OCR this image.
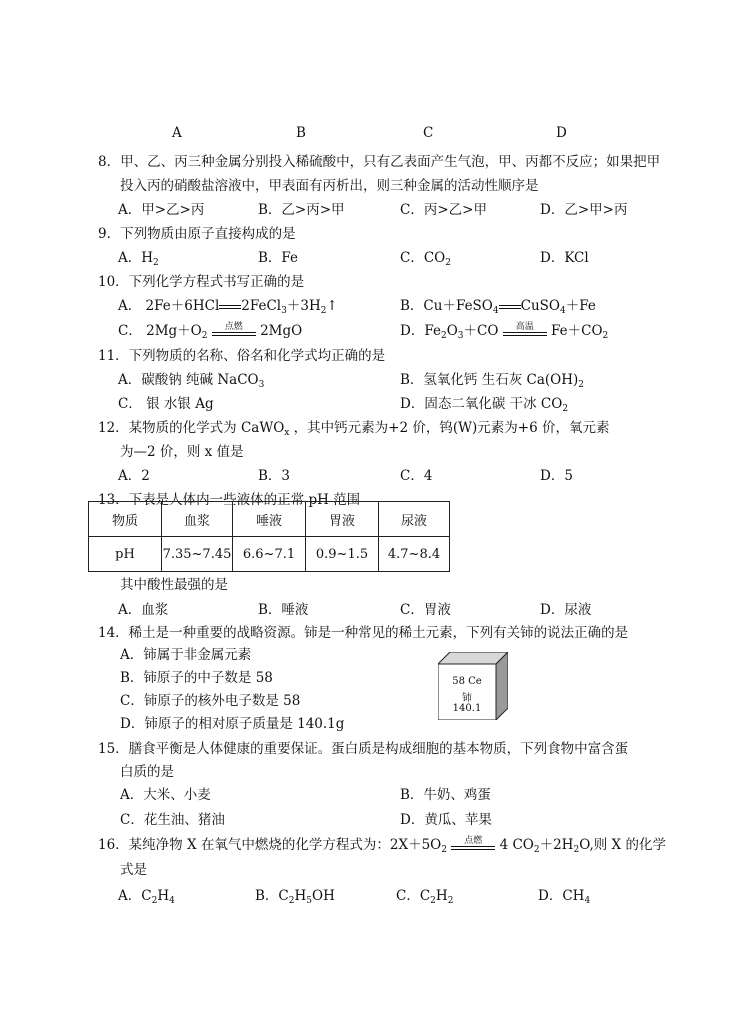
A	B	C	D
8．甲、乙、丙三种金属分别投入稀硫酸中，只有乙表面产生气泡，甲、丙都不反应；如果把甲
投入丙的硝酸盐溶液中，甲表面有丙析出，则三种金属的活动性顺序是
A．甲>乙>丙	B．乙>丙>甲	C．丙>乙>甲	D．乙>甲>丙
9．下列物质由原子直接构成的是
A．$H_2$	B．Fe	C．$CO_2$	D．KCl
10．下列化学方程式书写正确的是
A． 2Fe＋6HCl $2FeCl_3+3H_2↑$	B．Cu＋FeSO$_4$ CuSO$_4$＋Fe
C． $2Mg+O_2$
点燃	2MgO	D．$Fe_2O_3+CO$	高温	$Fe+CO_2$
11．下列物质的名称、俗名和化学式均正确的是
A．碳酸钠 纯碱 NaCO$_3$	B．氢氧化钙 生石灰 $Ca(OH)_2$
C． 银 水银 Ag	D．固态二氧化碳 干冰 $CO_2$
12．某物质的化学式为 CaWO$_x$ ，其中钙元素为+2 价，钨(W)元素为+6 价，氧元素
为—2 价，则 x 值是
A．2	B．3	C．4	D．5
13．下表是人体内一些液体的正常 pH 范围
物质	血浆	唾液	胃液	尿液
pH	7.35~7.45	6.6~7.1	0.9~1.5	4.7~8.4
其中酸性最强的是
A．血浆	B．唾液	C．胃液	D．尿液
14．稀土是一种重要的战略资源。铈是一种常见的稀土元素，下列有关铈的说法正确的是
A．铈属于非金属元素
B．铈原子的中子数是 58
C．铈原子的核外电子数是 58
D．铈原子的相对原子质量是 140.1g
58 Ce
铈
140.1
15．膳食平衡是人体健康的重要保证。蛋白质是构成细胞的基本物质，下列食物中富含蛋
白质的是
A．大米、小麦	B．牛奶、鸡蛋
C．花生油、猪油	D．黄瓜、苹果
16．某纯净物 X 在氧气中燃烧的化学方程式为：$2X+5O_2$
点燃	4 $CO_2+2H_2O$,则 X 的化学
式是
A．$C_2H_4$	B．$C_2H_5OH$	C．$C_2H_2$	D．$CH_4$
